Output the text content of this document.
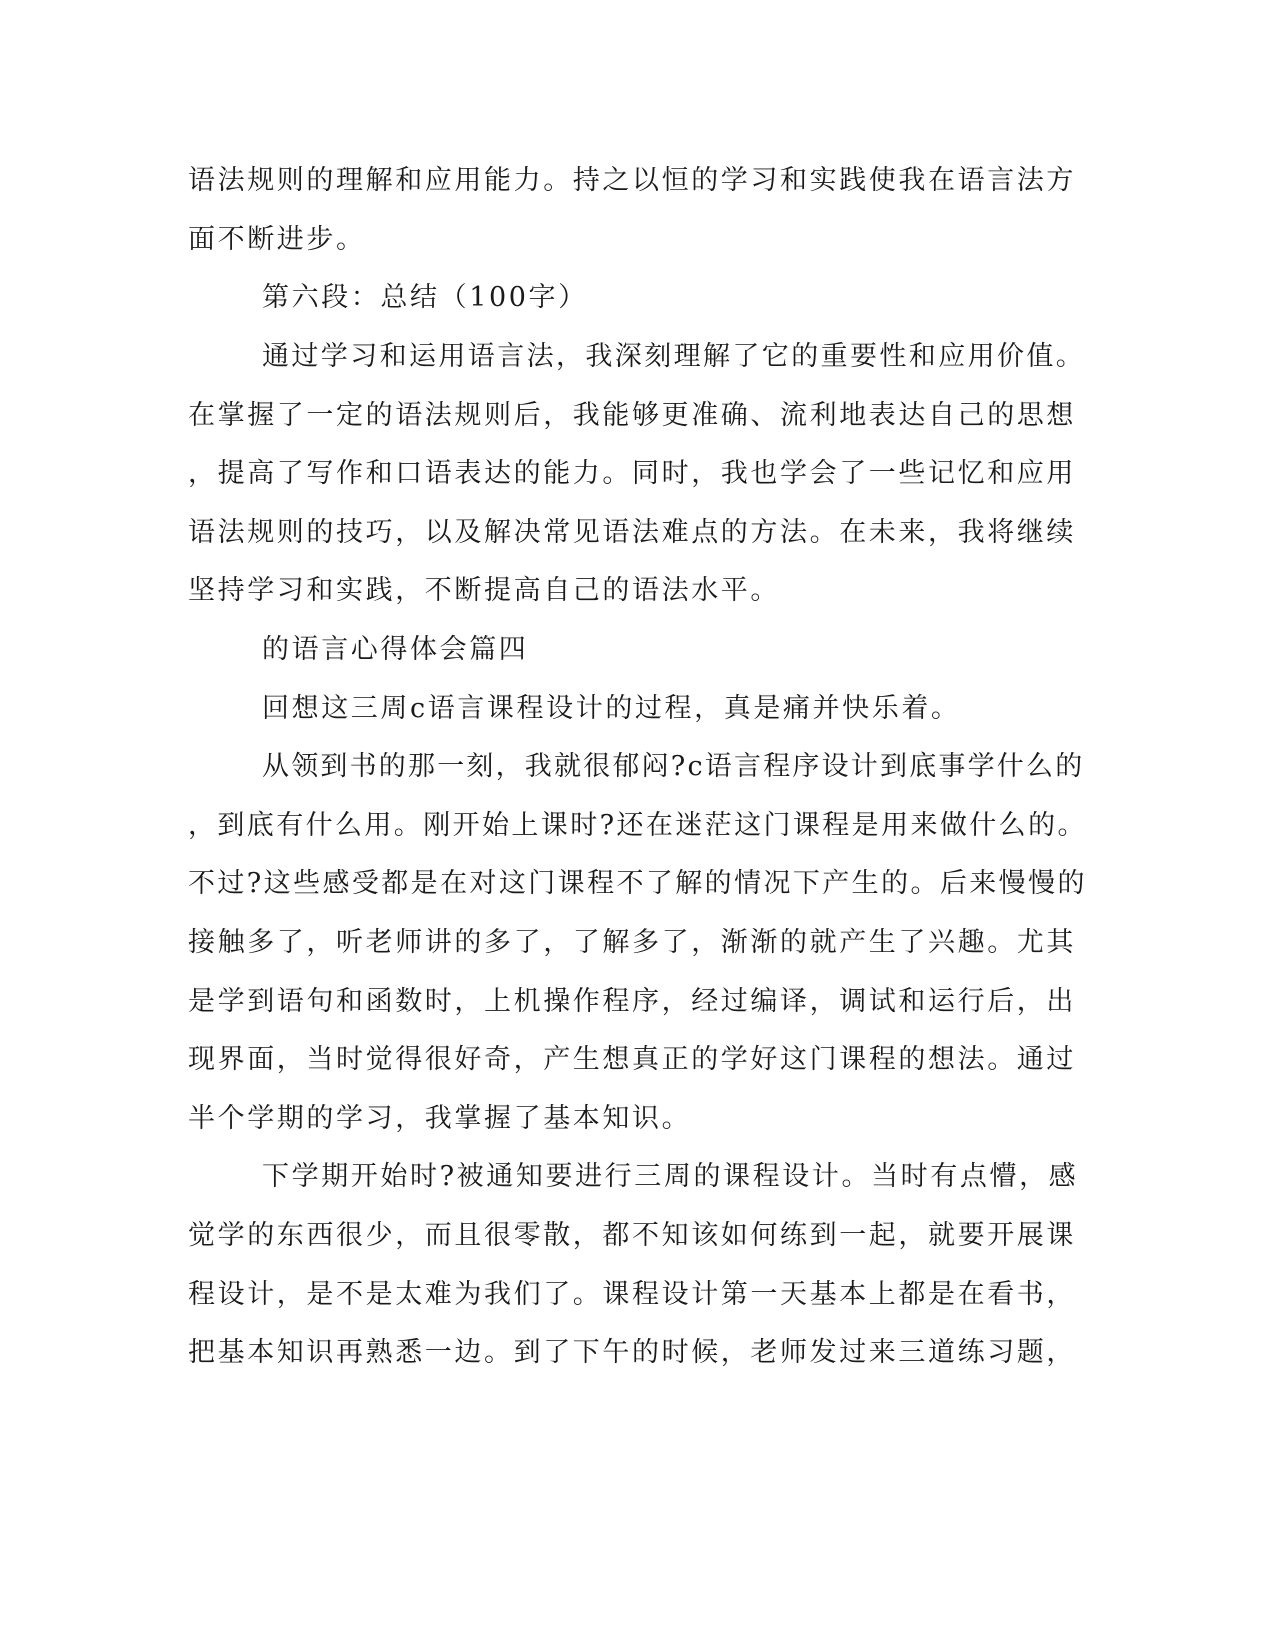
语法规则的理解和应用能力。持之以恒的学习和实践使我在语言法方
面不断进步。
第六段：总结（100字）
通过学习和运用语言法，我深刻理解了它的重要性和应用价值。
在掌握了一定的语法规则后，我能够更准确、流利地表达自己的思想
，提高了写作和口语表达的能力。同时，我也学会了一些记忆和应用
语法规则的技巧，以及解决常见语法难点的方法。在未来，我将继续
坚持学习和实践，不断提高自己的语法水平。
的语言心得体会篇四
回想这三周c语言课程设计的过程，真是痛并快乐着。
从领到书的那一刻，我就很郁闷?c语言程序设计到底事学什么的
，到底有什么用。刚开始上课时?还在迷茫这门课程是用来做什么的。
不过?这些感受都是在对这门课程不了解的情况下产生的。后来慢慢的
接触多了，听老师讲的多了，了解多了，渐渐的就产生了兴趣。尤其
是学到语句和函数时，上机操作程序，经过编译，调试和运行后，出
现界面，当时觉得很好奇，产生想真正的学好这门课程的想法。通过
半个学期的学习，我掌握了基本知识。
下学期开始时?被通知要进行三周的课程设计。当时有点懵，感
觉学的东西很少，而且很零散，都不知该如何练到一起，就要开展课
程设计，是不是太难为我们了。课程设计第一天基本上都是在看书，
把基本知识再熟悉一边。到了下午的时候，老师发过来三道练习题，
